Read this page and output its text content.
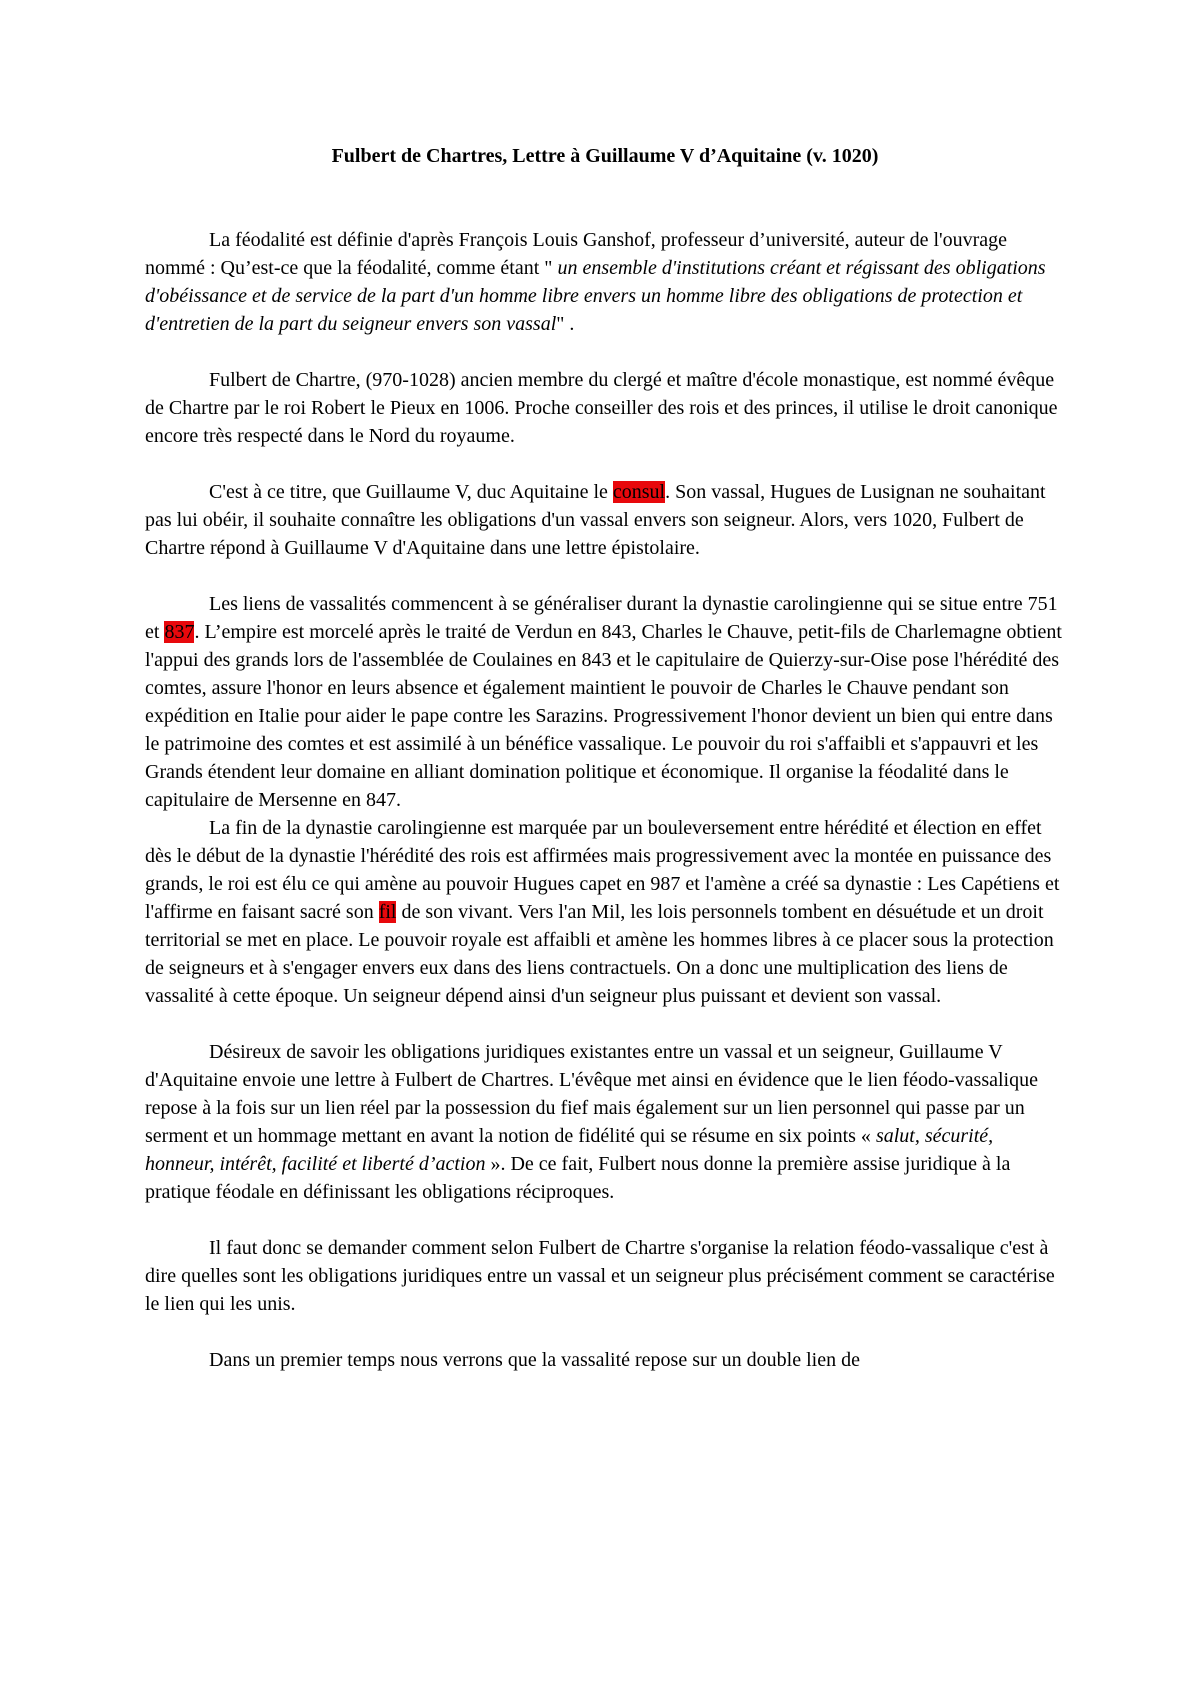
Fulbert de Chartres, Lettre à Guillaume V d’Aquitaine (v. 1020)

La féodalité est définie d'après François Louis Ganshof, professeur d’université, auteur de l'ouvrage nommé : Qu’est-ce que la féodalité, comme étant " un ensemble d'institutions créant et régissant des obligations d'obéissance et de service de la part d'un homme libre envers un homme libre des obligations de protection et d'entretien de la part du seigneur envers son vassal" .

Fulbert de Chartre, (970-1028) ancien membre du clergé et maître d'école monastique, est nommé évêque de Chartre par le roi Robert le Pieux en 1006. Proche conseiller des rois et des princes, il utilise le droit canonique encore très respecté dans le Nord du royaume.

C'est à ce titre, que Guillaume V, duc Aquitaine le consul. Son vassal, Hugues de Lusignan ne souhaitant pas lui obéir, il souhaite connaître les obligations d'un vassal envers son seigneur. Alors, vers 1020, Fulbert de Chartre répond à Guillaume V d'Aquitaine dans une lettre épistolaire.

Les liens de vassalités commencent à se généraliser durant la dynastie carolingienne qui se situe entre 751 et 837. L’empire est morcelé après le traité de Verdun en 843, Charles le Chauve, petit-fils de Charlemagne obtient l'appui des grands lors de l'assemblée de Coulaines en 843 et le capitulaire de Quierzy-sur-Oise pose l'hérédité des comtes, assure l'honor en leurs absence et également maintient le pouvoir de Charles le Chauve pendant son expédition en Italie pour aider le pape contre les Sarazins. Progressivement l'honor devient un bien qui entre dans le patrimoine des comtes et est assimilé à un bénéfice vassalique. Le pouvoir du roi s'affaibli et s'appauvri et les Grands étendent leur domaine en alliant domination politique et économique. Il organise la féodalité dans le capitulaire de Mersenne en 847.

La fin de la dynastie carolingienne est marquée par un bouleversement entre hérédité et élection en effet dès le début de la dynastie l'hérédité des rois est affirmées mais progressivement avec la montée en puissance des grands, le roi est élu ce qui amène au pouvoir Hugues capet en 987 et l'amène a créé sa dynastie : Les Capétiens et l'affirme en faisant sacré son fil de son vivant. Vers l'an Mil, les lois personnels tombent en désuétude et un droit territorial se met en place. Le pouvoir royale est affaibli et amène les hommes libres à ce placer sous la protection de seigneurs et à s'engager envers eux dans des liens contractuels. On a donc une multiplication des liens de vassalité à cette époque. Un seigneur dépend ainsi d'un seigneur plus puissant et devient son vassal.

Désireux de savoir les obligations juridiques existantes entre un vassal et un seigneur, Guillaume V d'Aquitaine envoie une lettre à Fulbert de Chartres. L'évêque met ainsi en évidence que le lien féodo-vassalique repose à la fois sur un lien réel par la possession du fief mais également sur un lien personnel qui passe par un serment et un hommage mettant en avant la notion de fidélité qui se résume en six points « salut, sécurité, honneur, intérêt, facilité et liberté d’action ». De ce fait, Fulbert nous donne la première assise juridique à la pratique féodale en définissant les obligations réciproques.

Il faut donc se demander comment selon Fulbert de Chartre s'organise la relation féodo-vassalique c'est à dire quelles sont les obligations juridiques entre un vassal et un seigneur plus précisément comment se caractérise le lien qui les unis.

Dans un premier temps nous verrons que la vassalité repose sur un double lien de
